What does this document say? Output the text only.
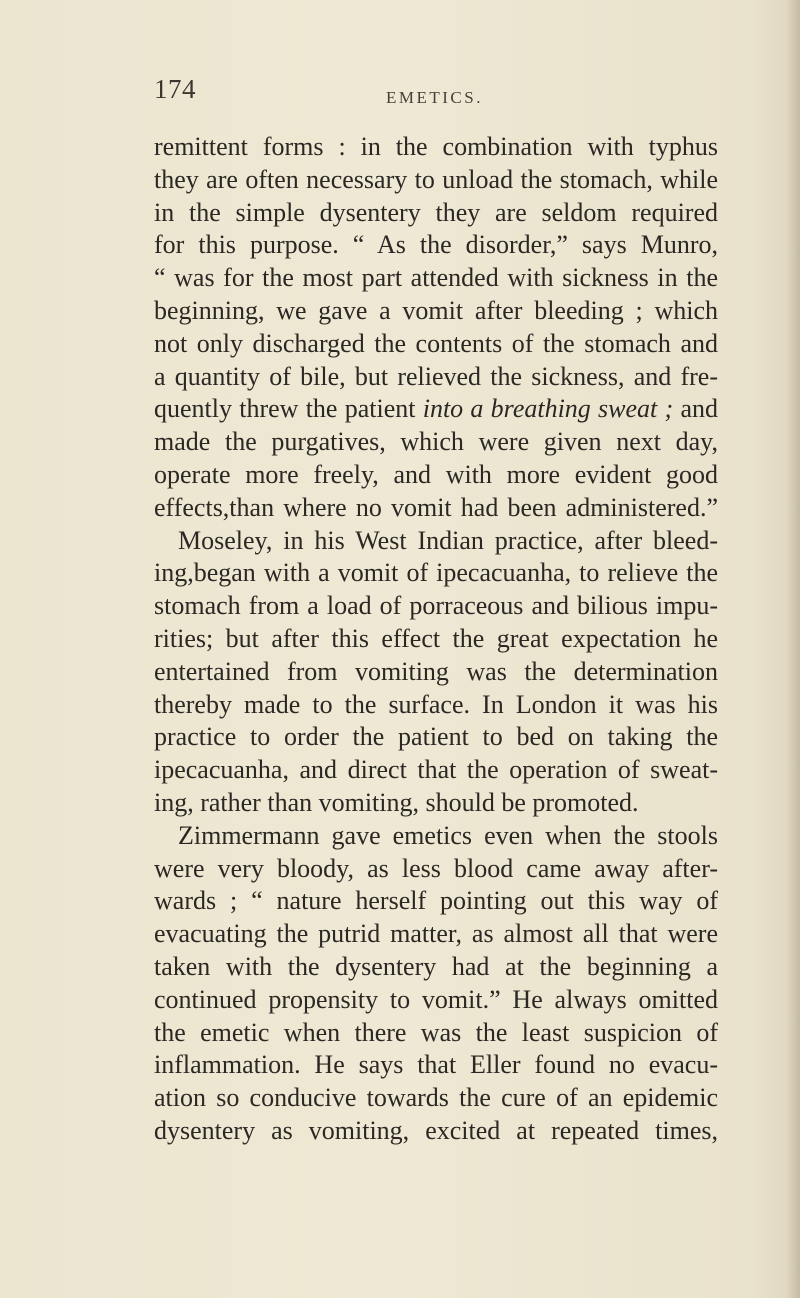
174	EMETICS.
remittent forms : in the combination with typhus
they are often necessary to unload the stomach, while
in the simple dysentery they are seldom required
for this purpose. “ As the disorder,” says Munro,
“ was for the most part attended with sickness in the
beginning, we gave a vomit after bleeding ; which
not only discharged the contents of the stomach and
a quantity of bile, but relieved the sickness, and fre-
quently threw the patient into a breathing sweat ; and
made the purgatives, which were given next day,
operate more freely, and with more evident good
effects,than where no vomit had been administered.”
Moseley, in his West Indian practice, after bleed-
ing,began with a vomit of ipecacuanha, to relieve the
stomach from a load of porraceous and bilious impu-
rities; but after this effect the great expectation he
entertained from vomiting was the determination
thereby made to the surface. In London it was his
practice to order the patient to bed on taking the
ipecacuanha, and direct that the operation of sweat-
ing, rather than vomiting, should be promoted.
Zimmermann gave emetics even when the stools
were very bloody, as less blood came away after-
wards ; “ nature herself pointing out this way of
evacuating the putrid matter, as almost all that were
taken with the dysentery had at the beginning a
continued propensity to vomit.” He always omitted
the emetic when there was the least suspicion of
inflammation. He says that Eller found no evacu-
ation so conducive towards the cure of an epidemic
dysentery as vomiting, excited at repeated times,
